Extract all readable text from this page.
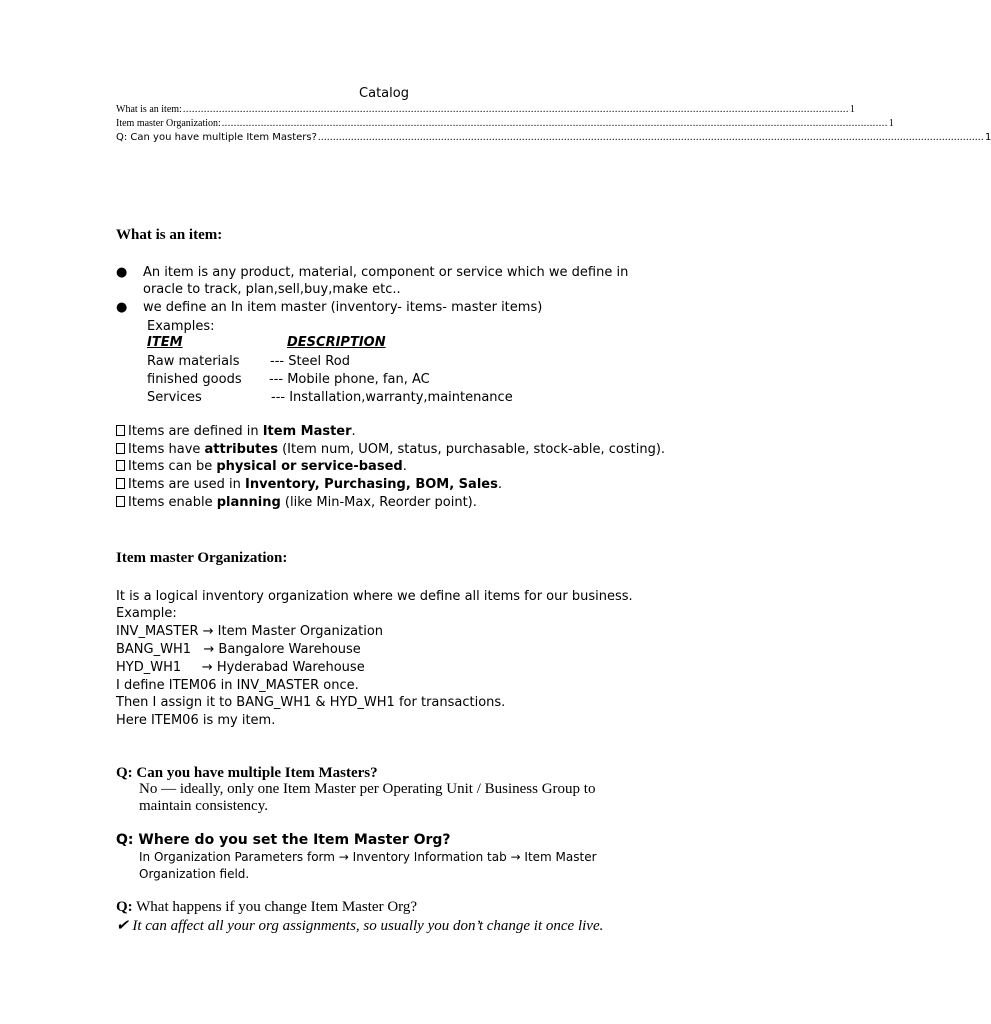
Catalog
What is an item: .............................................................................................................................................................................................................................. 1
Item master Organization: .............................................................................................................................................................................................................................. 1
Q: Can you have multiple Item Masters? .............................................................................................................................................................................................................................. 1
What is an item:
● An item is any product, material, component or service which we define in
oracle to track, plan,sell,buy,make etc..
● we define an In item master (inventory- items- master items)
Examples:
ITEM	DESCRIPTION
Raw materials --- Steel Rod
finished goods --- Mobile phone, fan, AC
Services	--- Installation,warranty,maintenance
Items are defined in Item Master.
Items have attributes (Item num, UOM, status, purchasable, stock-able, costing).
Items can be physical or service-based.
Items are used in Inventory, Purchasing, BOM, Sales.
Items enable planning (like Min-Max, Reorder point).
Item master Organization:
It is a logical inventory organization where we define all items for our business.
Example:
INV_MASTER → Item Master Organization
BANG_WH1   → Bangalore Warehouse
HYD_WH1     → Hyderabad Warehouse
I define ITEM06 in INV_MASTER once.
Then I assign it to BANG_WH1 & HYD_WH1 for transactions.
Here ITEM06 is my item.
Q: Can you have multiple Item Masters?
No — ideally, only one Item Master per Operating Unit / Business Group to
maintain consistency.
Q: Where do you set the Item Master Org?
In Organization Parameters form → Inventory Information tab → Item Master
Organization field.
Q: What happens if you change Item Master Org?
✔ It can affect all your org assignments, so usually you don’t change it once live.
